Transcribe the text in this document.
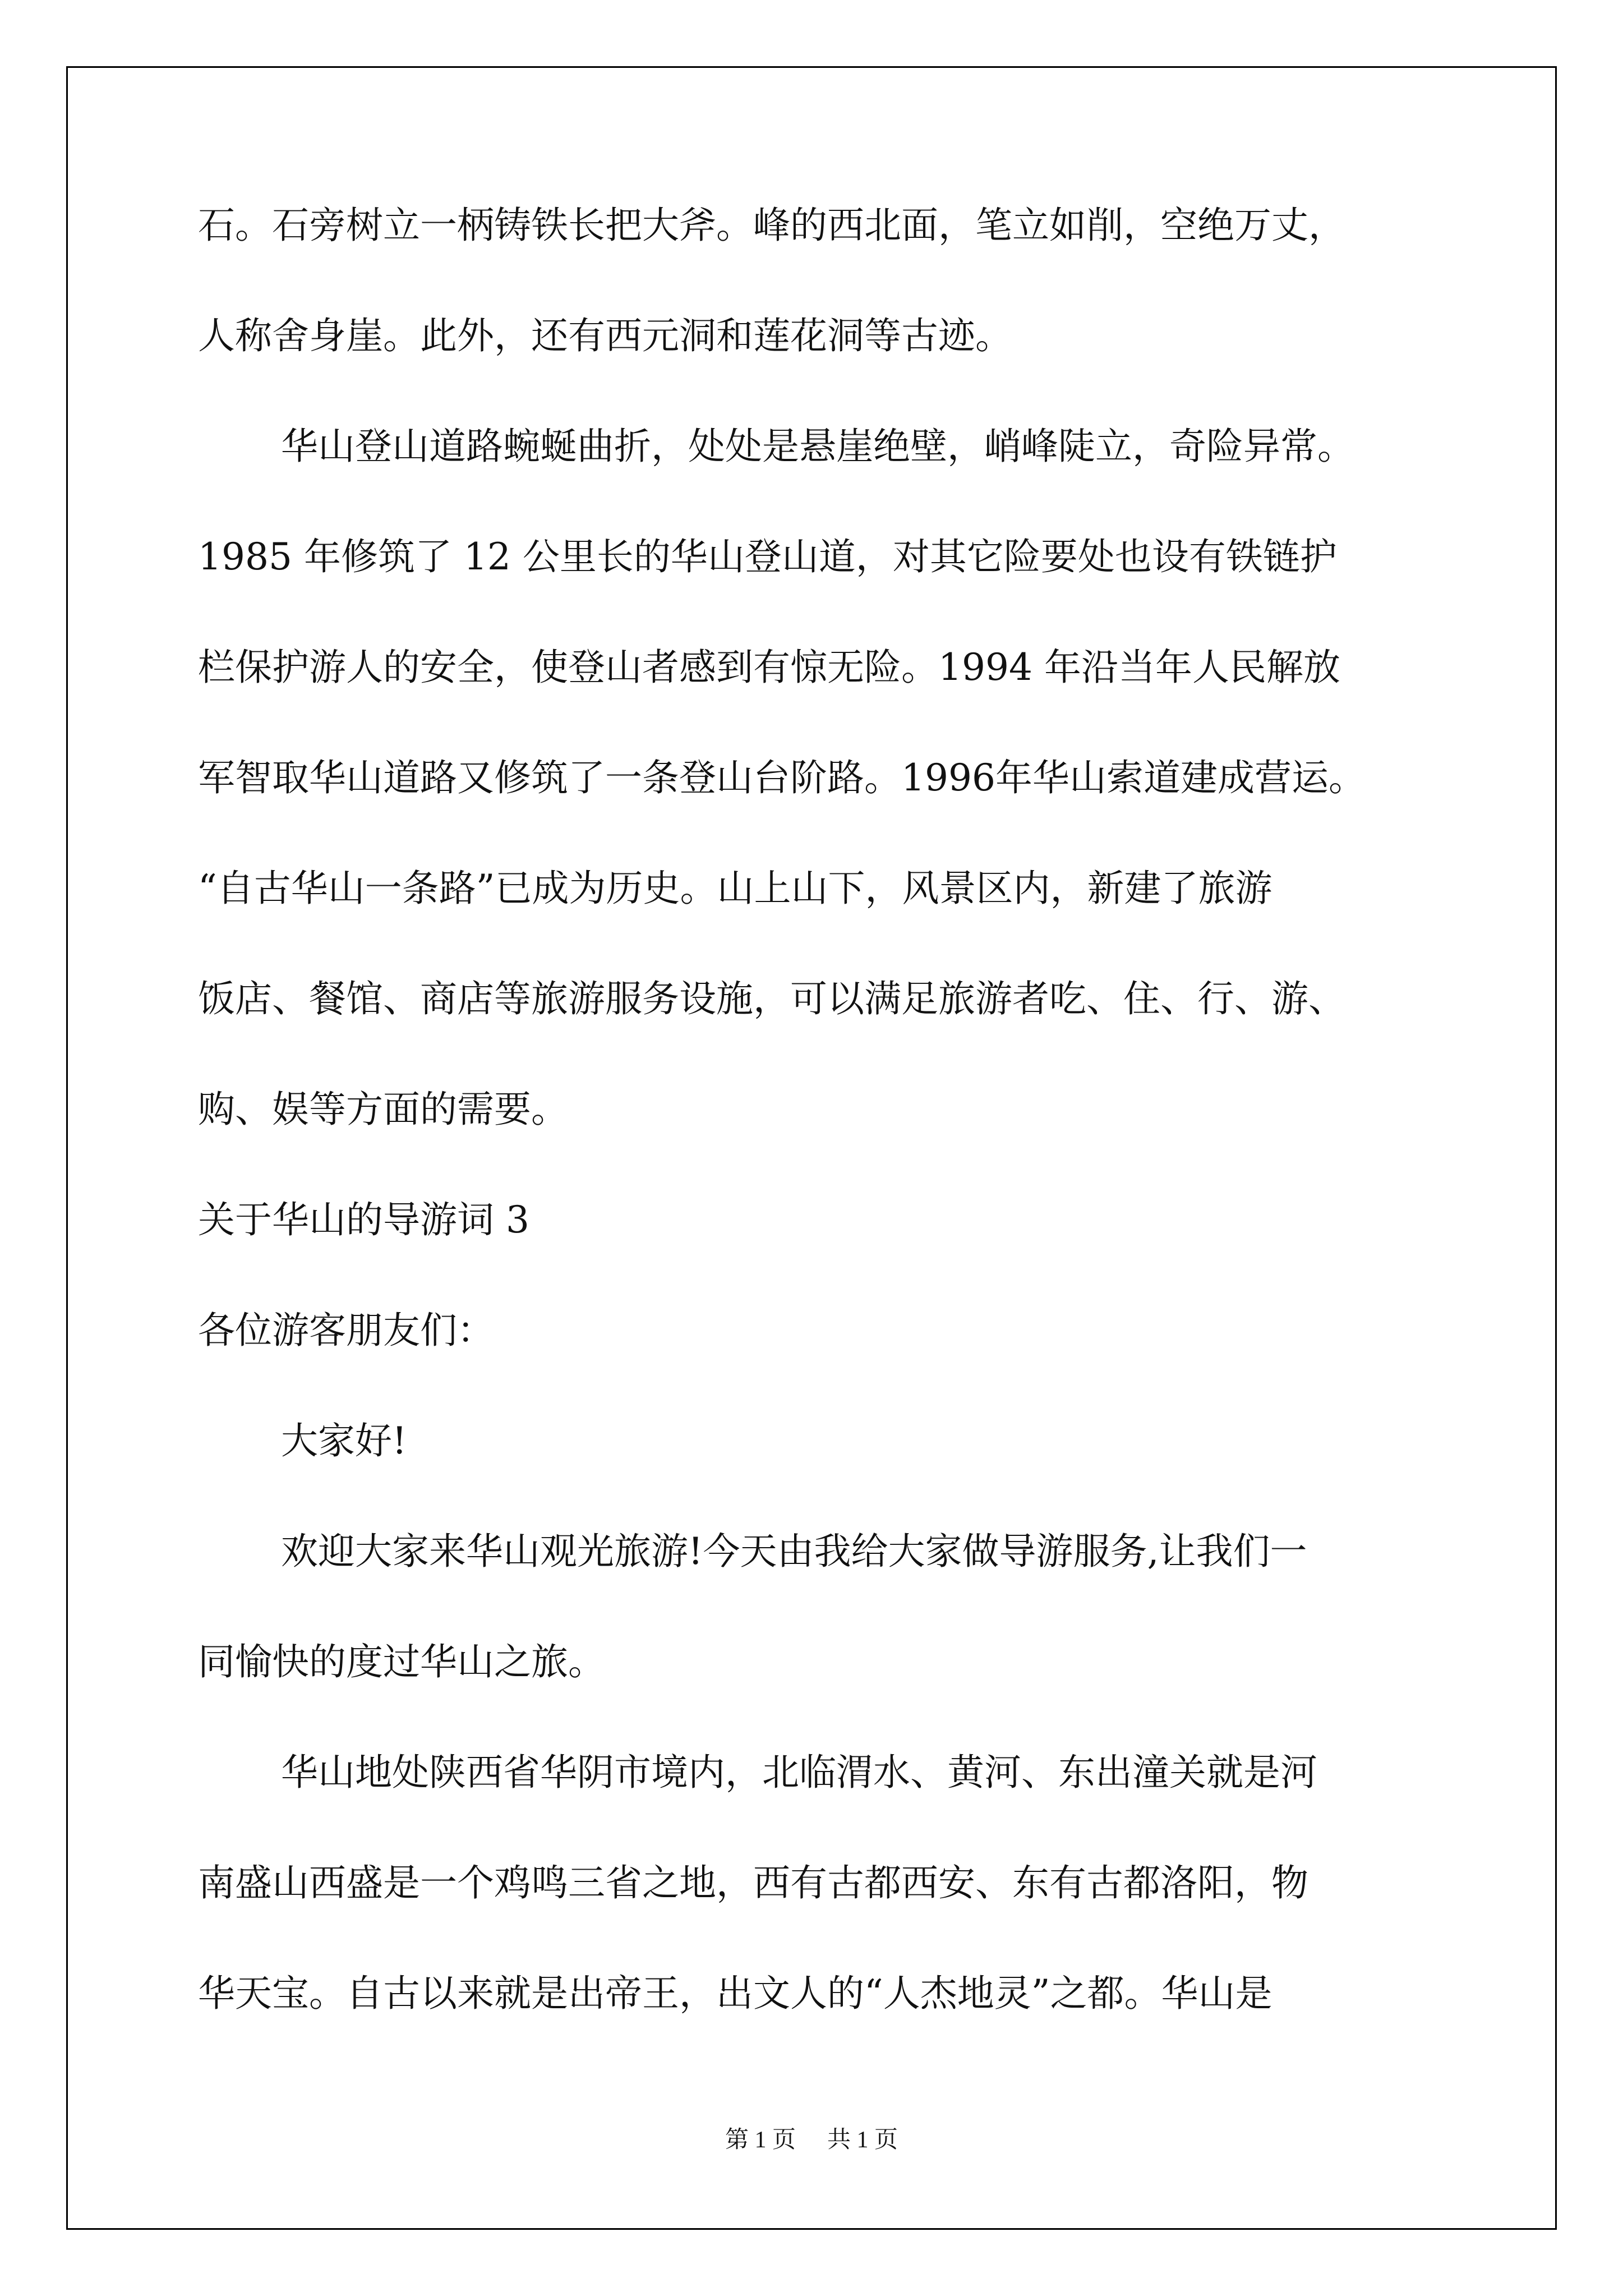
石。石旁树立一柄铸铁长把大斧。峰的西北面，笔立如削，空绝万丈，
人称舍身崖。此外，还有西元洞和莲花洞等古迹。
华山登山道路蜿蜒曲折，处处是悬崖绝壁，峭峰陡立，奇险异常。
1985 年修筑了 12 公里长的华山登山道，对其它险要处也设有铁链护
栏保护游人的安全，使登山者感到有惊无险。1994 年沿当年人民解放
军智取华山道路又修筑了一条登山台阶路。1996年华山索道建成营运。
“自古华山一条路”已成为历史。山上山下，风景区内，新建了旅游
饭店、餐馆、商店等旅游服务设施，可以满足旅游者吃、住、行、游、
购、娱等方面的需要。
关于华山的导游词 3
各位游客朋友们：
大家好!
欢迎大家来华山观光旅游!今天由我给大家做导游服务,让我们一
同愉快的度过华山之旅。
华山地处陕西省华阴市境内，北临渭水、黄河、东出潼关就是河
南盛山西盛是一个鸡鸣三省之地，西有古都西安、东有古都洛阳，物
华天宝。自古以来就是出帝王，出文人的“人杰地灵”之都。华山是
第 1 页 共 1 页
